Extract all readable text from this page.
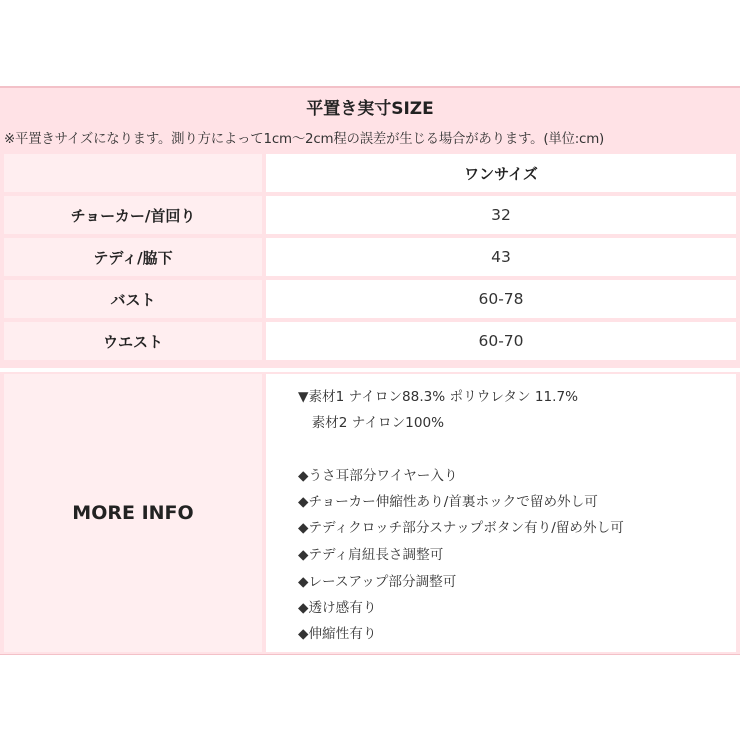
平置き実寸SIZE
※平置きサイズになります。測り方によって1cm〜2cm程の誤差が生じる場合があります。(単位:cm)
ワンサイズ
チョーカー/首回り	32
テディ/脇下	43
バスト	60-78
ウエスト	60-70
MORE INFO
▼素材1 ナイロン88.3% ポリウレタン 11.7%
　素材2 ナイロン100%
◆うさ耳部分ワイヤー入り
◆チョーカー伸縮性あり/首裏ホックで留め外し可
◆テディクロッチ部分スナップボタン有り/留め外し可
◆テディ肩紐長さ調整可
◆レースアップ部分調整可
◆透け感有り
◆伸縮性有り
